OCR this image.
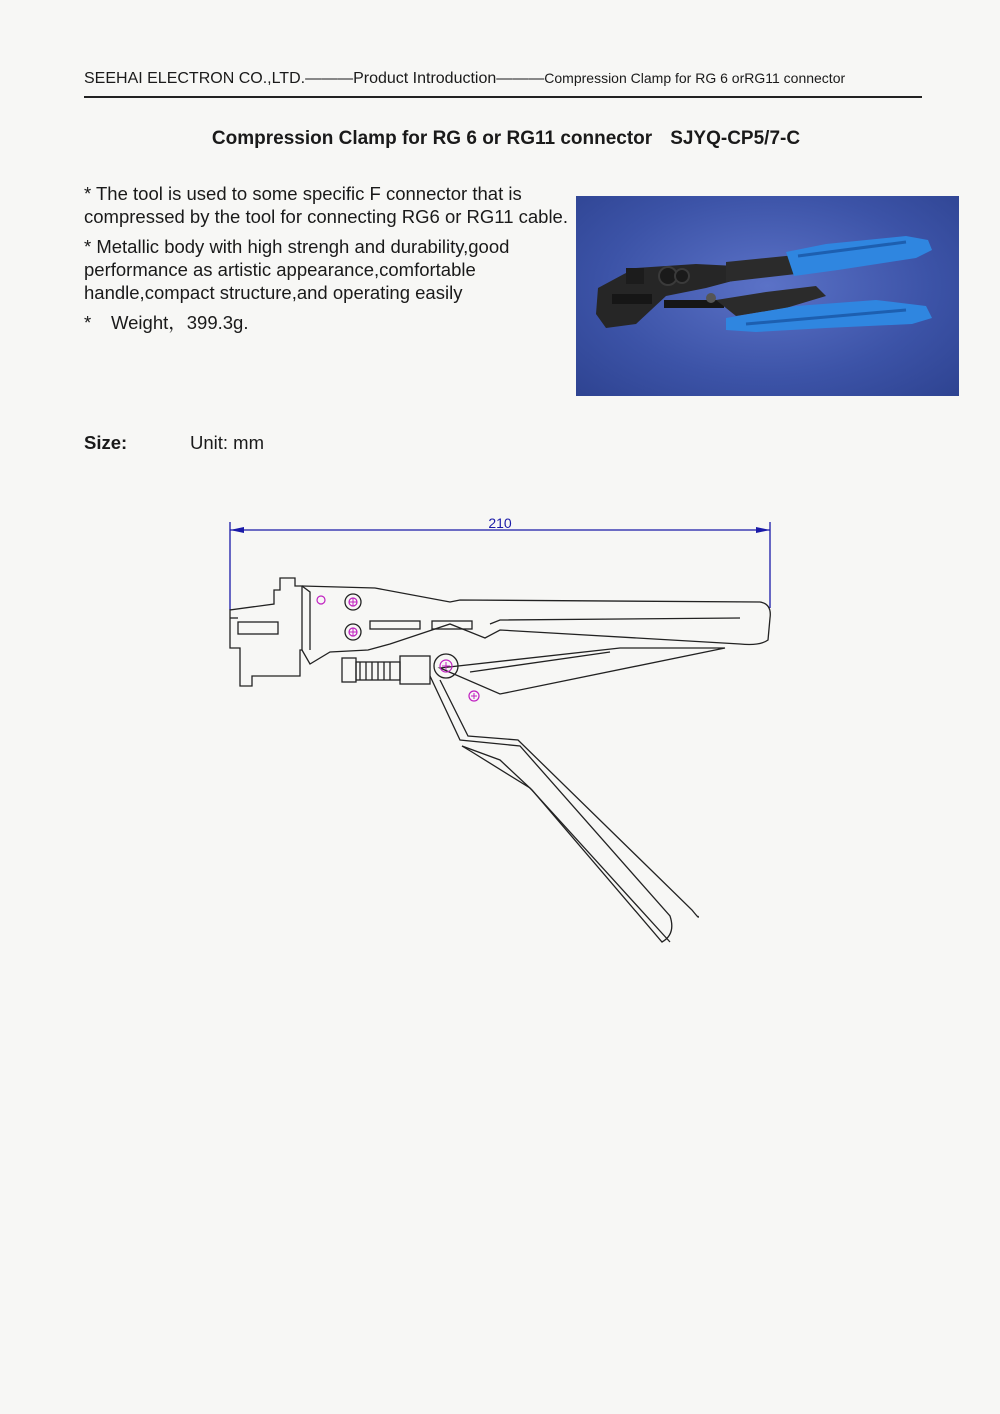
SEEHAI ELECTRON CO.,LTD.———Product Introduction———Compression Clamp for RG 6 orRG11 connector
Compression Clamp for RG 6 or RG11 connector SJYQ-CP5/7-C

* The tool is used to some specific F connector that is compressed by the tool for connecting RG6 or RG11 cable.

* Metallic body with high strengh and durability,good performance as artistic appearance,comfortable handle,compact structure,and operating easily

* Weight，399.3g.

Size:	Unit: mm
210
